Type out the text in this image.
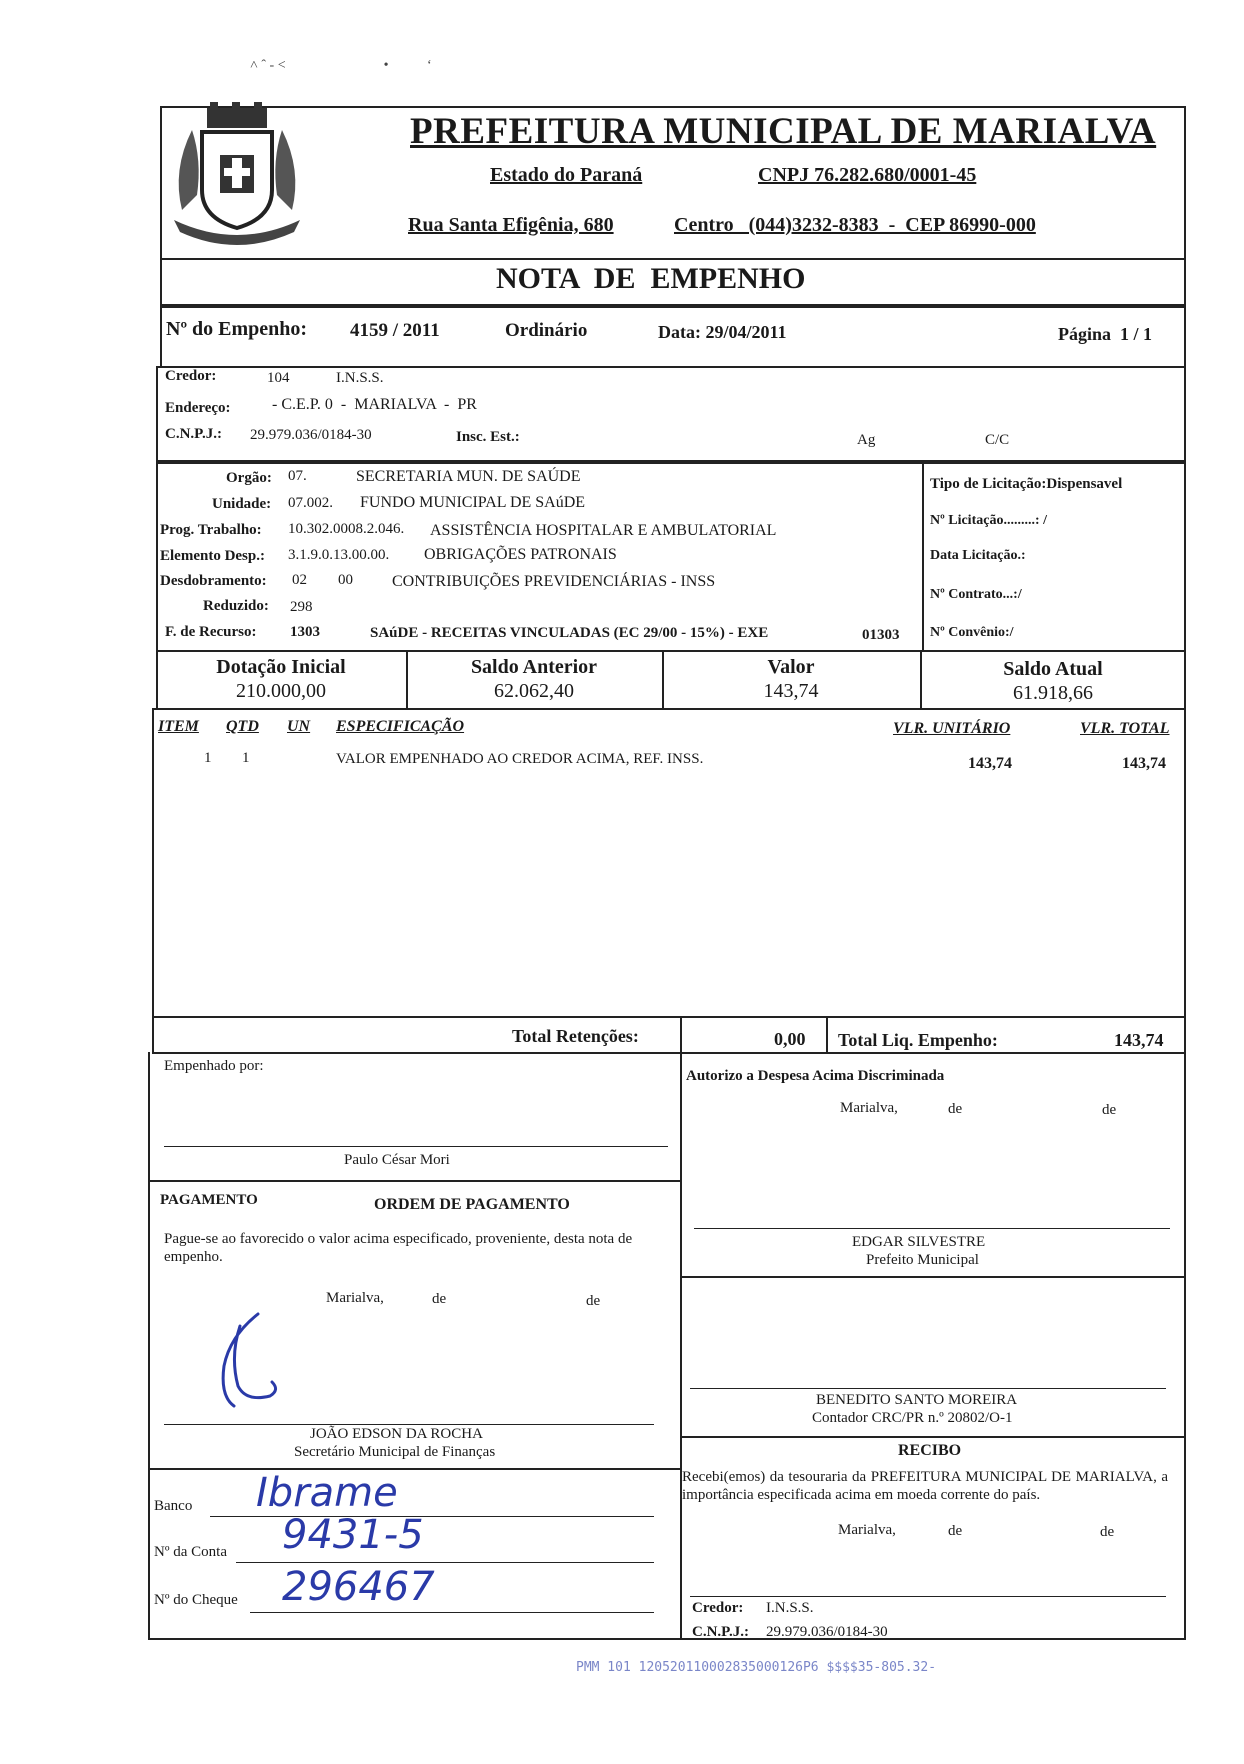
˄ ˆ ‐ ˂                            •           ʻ
PREFEITURA MUNICIPAL DE MARIALVA
Estado do Paraná	CNPJ 76.282.680/0001-45
Rua Santa Efigênia, 680	Centro   (044)3232-8383  -  CEP 86990-000
NOTA  DE  EMPENHO
Nº do Empenho: 4159 / 2011	Ordinário	Data: 29/04/2011	Página  1 / 1
Credor:	104	I.N.S.S.
Endereço:	- C.E.P. 0  -  MARIALVA  -  PR
C.N.P.J.: 29.979.036/0184-30	Insc. Est.:	Ag	C/C
Orgão: 07.	SECRETARIA MUN. DE SAÚDE
Unidade: 07.002. FUNDO MUNICIPAL DE SAúDE
Prog. Trabalho: 10.302.0008.2.046. ASSISTÊNCIA HOSPITALAR E AMBULATORIAL
Elemento Desp.: 3.1.9.0.13.00.00. OBRIGAÇÕES PATRONAIS
Desdobramento: 02 00 CONTRIBUIÇÕES PREVIDENCIÁRIAS - INSS
Reduzido: 298
F. de Recurso: 1303	SAúDE - RECEITAS VINCULADAS (EC 29/00 - 15%) - EXE	01303
Tipo de Licitação:Dispensavel
Nº Licitação.........: /
Data Licitação.:
Nº Contrato...:/
Nº Convênio:/
Dotação Inicial
210.000,00
Saldo Anterior
62.062,40
Valor
143,74
Saldo Atual
61.918,66
ITEM QTD UN ESPECIFICAÇÃO	VLR. UNITÁRIO	VLR. TOTAL
1 1	VALOR EMPENHADO AO CREDOR ACIMA, REF. INSS.	143,74	143,74
Total Retenções:	0,00 Total Liq. Empenho:	143,74
Empenhado por:
Paulo César Mori
PAGAMENTO	ORDEM DE PAGAMENTO
Pague-se ao favorecido o valor acima especificado, proveniente, desta nota de empenho.
Marialva,	de	de
JOÃO EDSON DA ROCHA
Secretário Municipal de Finanças
Banco Ibrame
Nº da Conta 9431-5
Nº do Cheque 296467
Autorizo a Despesa Acima Discriminada
Marialva,	de	de
EDGAR SILVESTRE
Prefeito Municipal
BENEDITO SANTO MOREIRA
Contador CRC/PR n.º 20802/O-1
RECIBO
Recebi(emos) da tesouraria da PREFEITURA MUNICIPAL DE MARIALVA, a importância especificada acima em moeda corrente do país.
Marialva,	de	de
Credor: I.N.S.S.
C.N.P.J.: 29.979.036/0184-30
PMM 101 120520110002835000126P6 $$$$35-805.32-
